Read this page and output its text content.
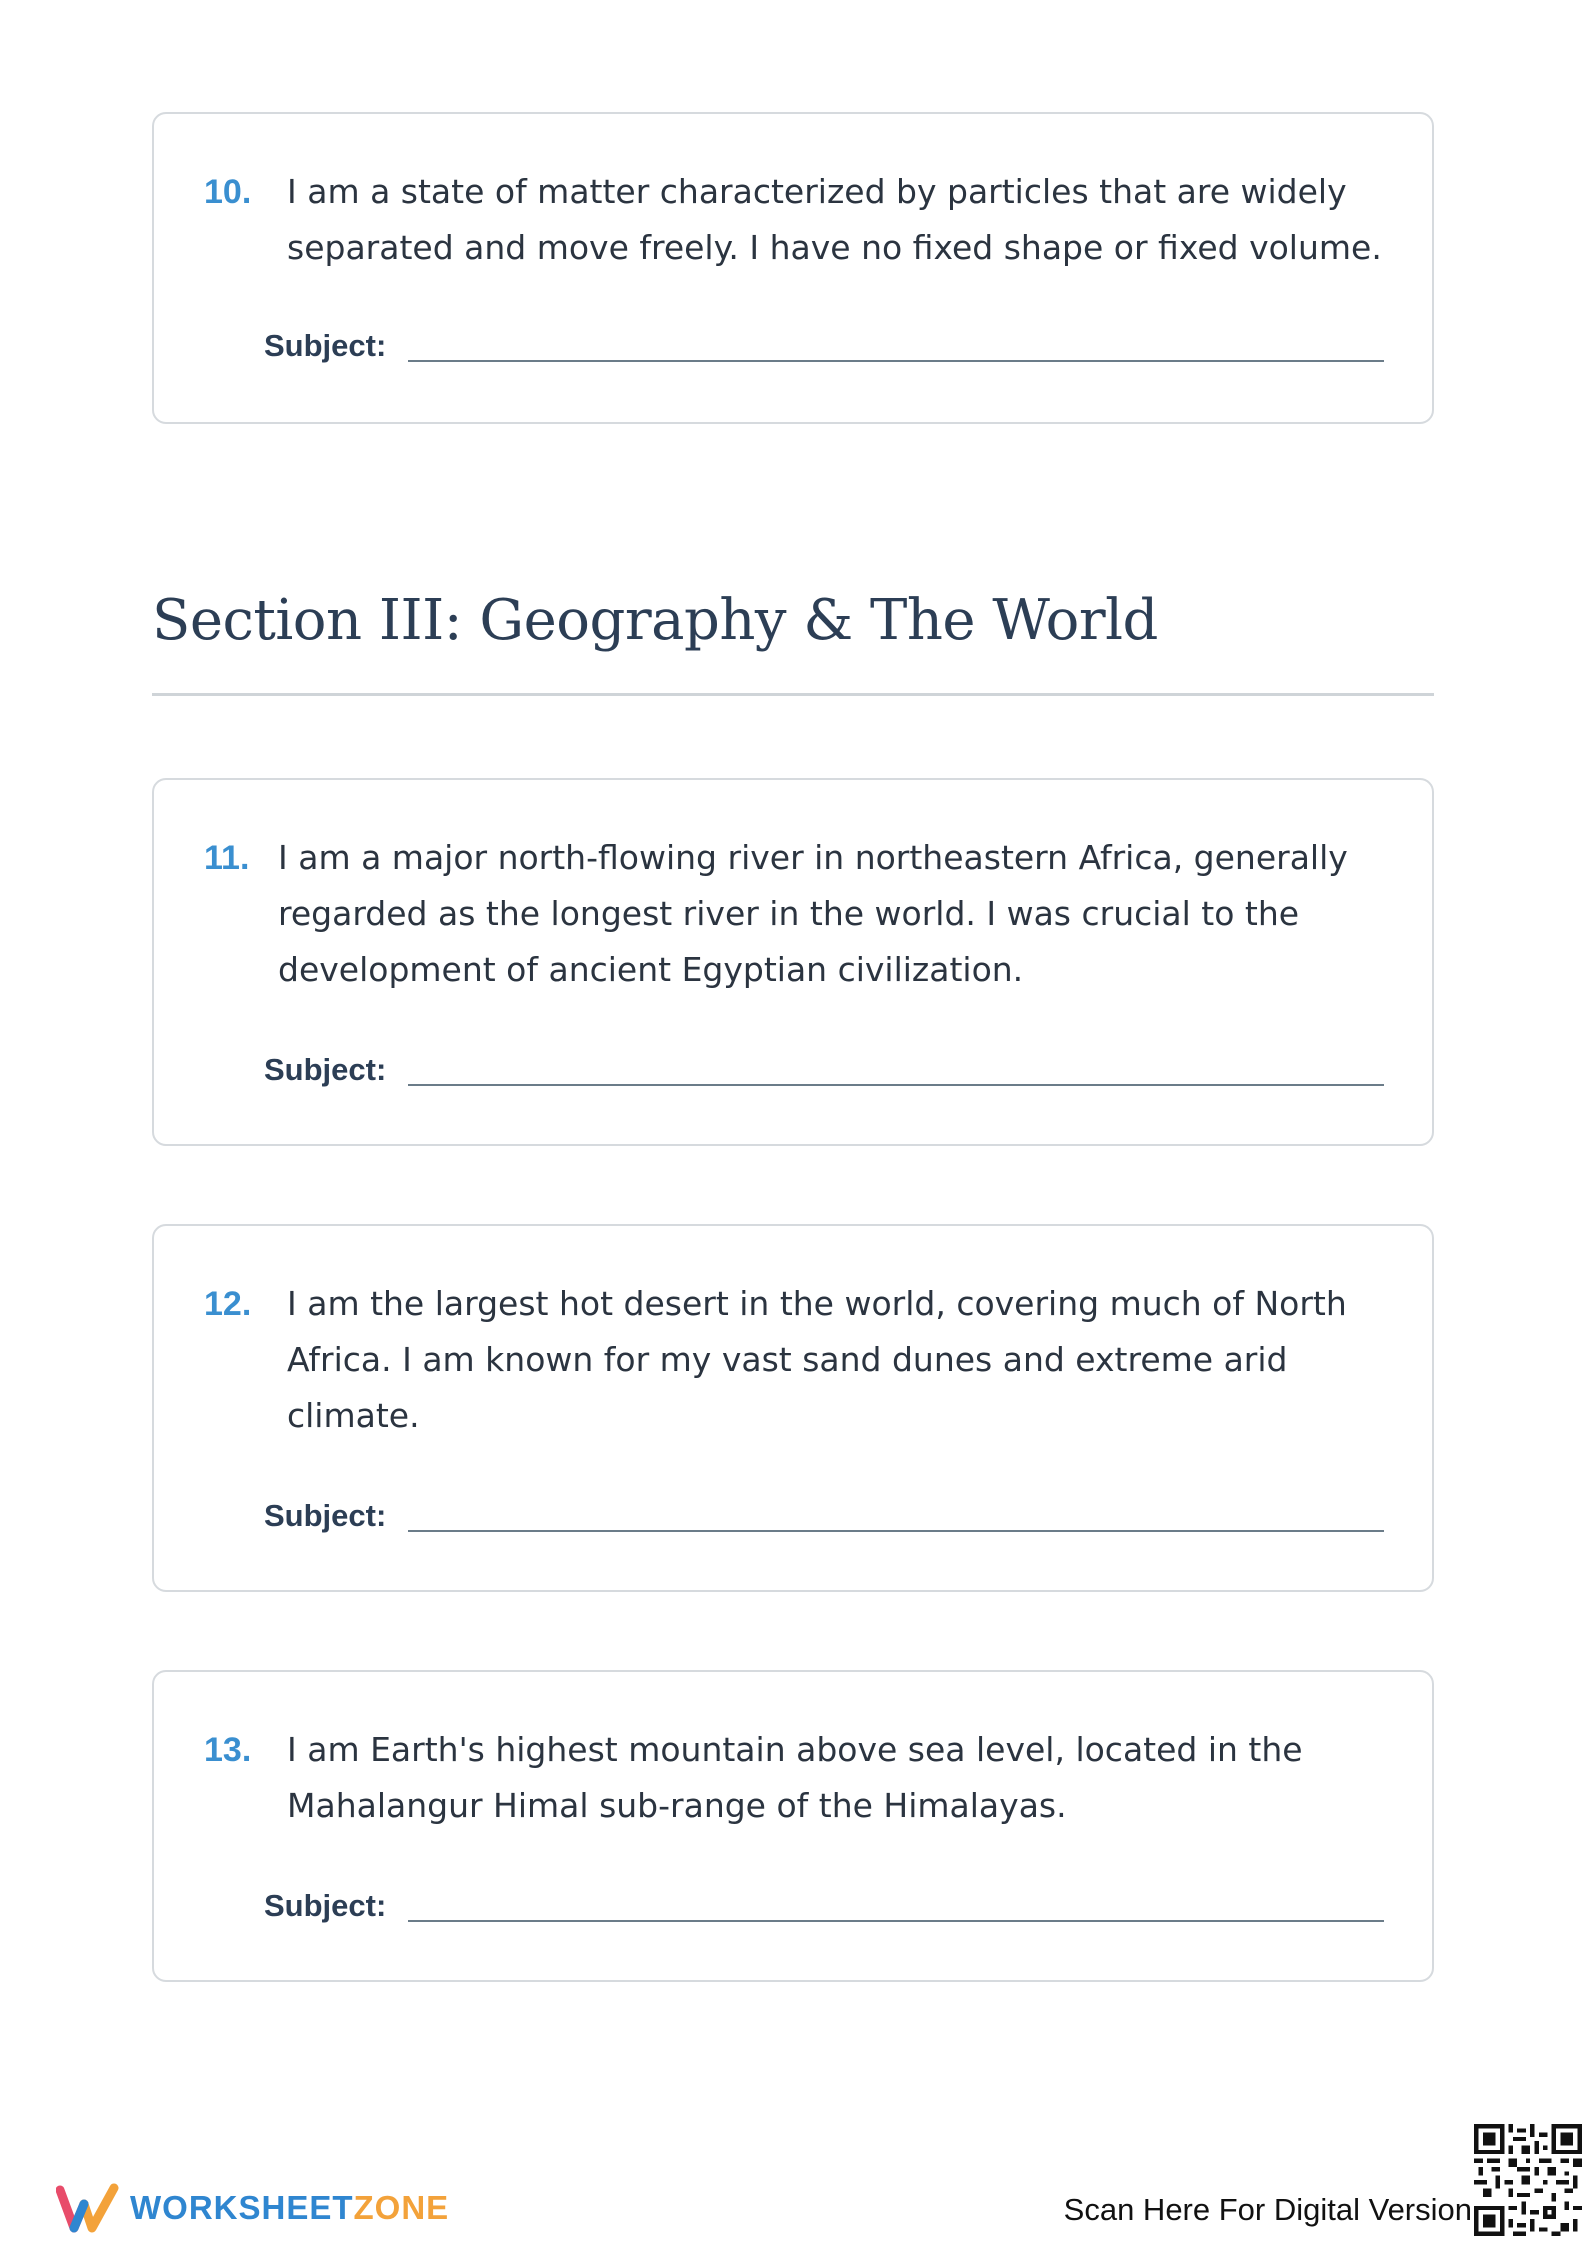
10.	I am a state of matter characterized by particles that are widely
separated and move freely. I have no fixed shape or fixed volume.
Subject:
Section III: Geography & The World
11. I am a major north-flowing river in northeastern Africa, generally
regarded as the longest river in the world. I was crucial to the
development of ancient Egyptian civilization.
Subject:
12.	I am the largest hot desert in the world, covering much of North
Africa. I am known for my vast sand dunes and extreme arid
climate.
Subject:
13.	I am Earth's highest mountain above sea level, located in the
Mahalangur Himal sub-range of the Himalayas.
Subject:
WORKSHEETZONE	Scan Here For Digital Version
